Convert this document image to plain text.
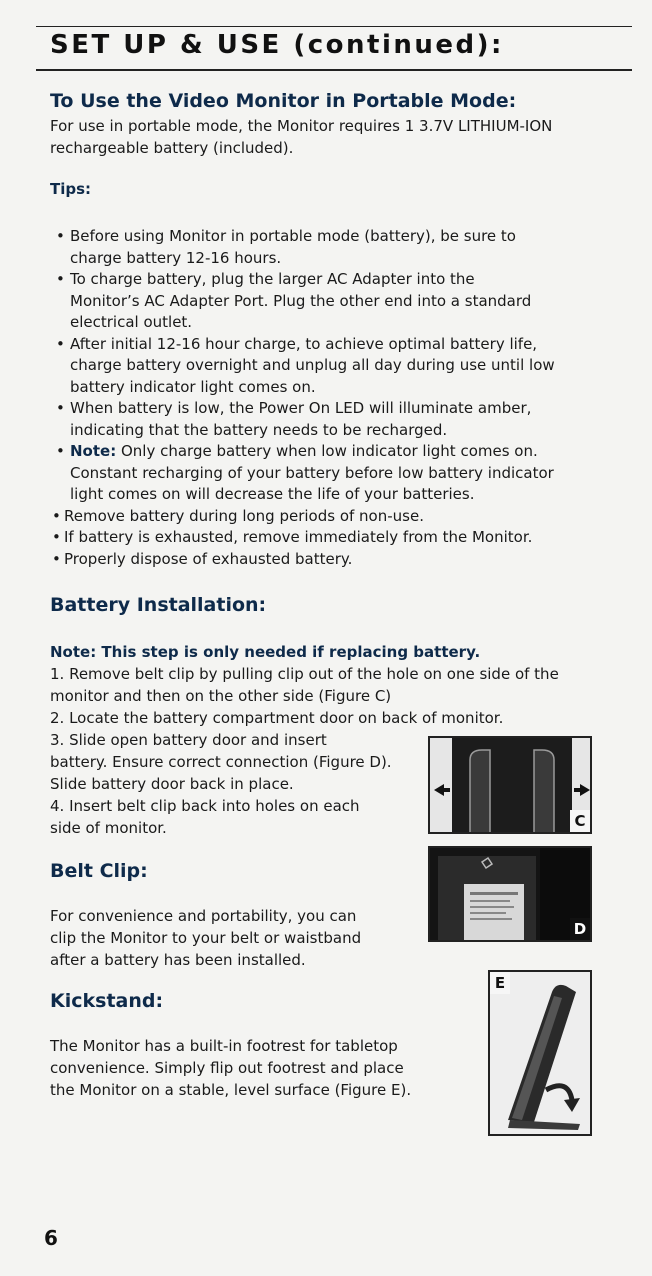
SET UP & USE (continued):
To Use the Video Monitor in Portable Mode:
For use in portable mode, the Monitor requires 1 3.7V LITHIUM-ION
rechargeable battery (included).
Tips:
• Before using Monitor in portable mode (battery), be sure to
charge battery 12-16 hours.
• To charge battery, plug the larger AC Adapter into the
Monitor’s AC Adapter Port. Plug the other end into a standard
electrical outlet.
• After initial 12-16 hour charge, to achieve optimal battery life,
charge battery overnight and unplug all day during use until low
battery indicator light comes on.
• When battery is low, the Power On LED will illuminate amber,
indicating that the battery needs to be recharged.
• Note: Only charge battery when low indicator light comes on.
Constant recharging of your battery before low battery indicator
light comes on will decrease the life of your batteries.
• Remove battery during long periods of non-use.
• If battery is exhausted, remove immediately from the Monitor.
• Properly dispose of exhausted battery.
Battery Installation:
Note: This step is only needed if replacing battery.
1. Remove belt clip by pulling clip out of the hole on one side of the
monitor and then on the other side (Figure C)
2. Locate the battery compartment door on back of monitor.
3. Slide open battery door and insert
battery. Ensure correct connection (Figure D).
Slide battery door back in place.
4. Insert belt clip back into holes on each
side of monitor.	C
Belt Clip:
For convenience and portability, you can
clip the Monitor to your belt or waistband
after a battery has been installed.
D
Kickstand:
The Monitor has a built-in footrest for tabletop
convenience. Simply flip out footrest and place
the Monitor on a stable, level surface (Figure E).
E
6
